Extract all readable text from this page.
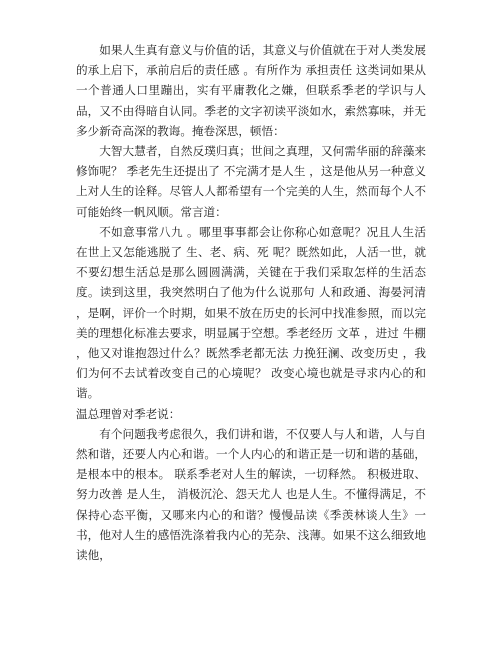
如果人生真有意义与价值的话，其意义与价值就在于对人类发展的承上启下，承前启后的责任感 。有所作为 承担责任 这类词如果从一个普通人口里蹦出，实有平庸教化之嫌，但联系季老的学识与人品，又不由得暗自认同。季老的文字初读平淡如水，索然寡味，并无多少新奇高深的教诲。掩卷深思，顿悟：

大智大慧者，自然反璞归真；世间之真理，又何需华丽的辞藻来修饰呢？ 季老先生还提出了 不完满才是人生 ，这是他从另一种意义上对人生的诠释。尽管人人都希望有一个完美的人生，然而每个人不可能始终一帆风顺。常言道：

不如意事常八九 。哪里事事都会让你称心如意呢？况且人生活在世上又怎能逃脱了 生、老、病、死 呢？既然如此，人活一世，就不要幻想生活总是那么圆圆满满，关键在于我们采取怎样的生活态度。读到这里，我突然明白了他为什么说那句 人和政通、海晏河清 ，是啊，评价一个时期，如果不放在历史的长河中找准参照，而以完美的理想化标准去要求，明显属于空想。季老经历 文革 ，进过 牛棚 ，他又对谁抱怨过什么？既然季老都无法 力挽狂澜、改变历史 ，我们为何不去试着改变自己的心境呢？ 改变心境也就是寻求内心的和谐。

温总理曾对季老说：

有个问题我考虑很久，我们讲和谐，不仅要人与人和谐，人与自然和谐，还要人内心和谐。一个人内心的和谐正是一切和谐的基础，是根本中的根本。 联系季老对人生的解读，一切释然。 积极进取、努力改善 是人生， 消极沉沦、怨天尤人 也是人生。不懂得满足，不保持心态平衡，又哪来内心的和谐？慢慢品读《季羡林谈人生》一书，他对人生的感悟洗涤着我内心的芜杂、浅薄。如果不这么细致地读他，
